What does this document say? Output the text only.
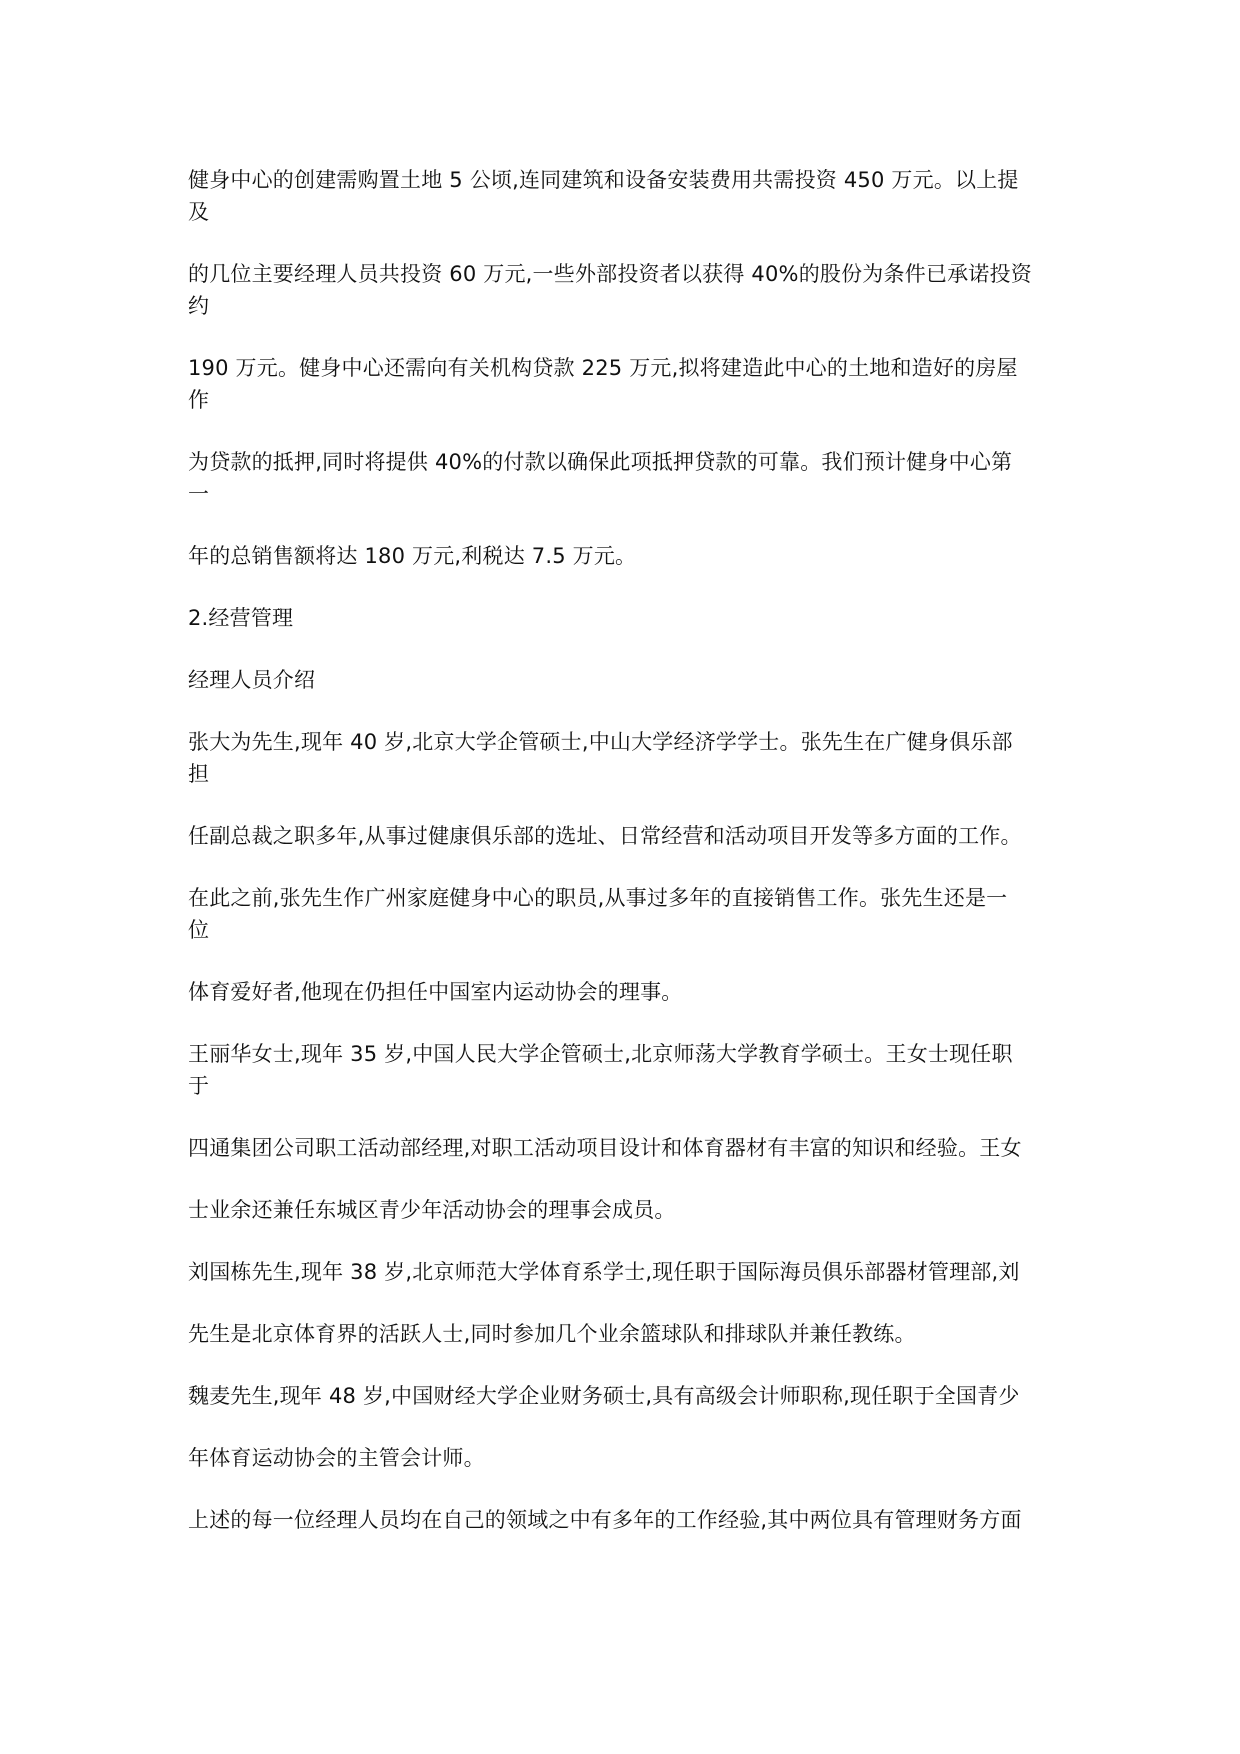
健身中心的创建需购置土地 5 公顷,连同建筑和设备安装费用共需投资 450 万元。以上提
及
的几位主要经理人员共投资 60 万元,一些外部投资者以获得 40%的股份为条件已承诺投资
约
190 万元。健身中心还需向有关机构贷款 225 万元,拟将建造此中心的土地和造好的房屋
作
为贷款的抵押,同时将提供 40%的付款以确保此项抵押贷款的可靠。我们预计健身中心第
一
年的总销售额将达 180 万元,利税达 7.5 万元。
2.经营管理
经理人员介绍
张大为先生,现年 40 岁,北京大学企管硕士,中山大学经济学学士。张先生在广健身俱乐部
担
任副总裁之职多年,从事过健康俱乐部的选址、日常经营和活动项目开发等多方面的工作。
在此之前,张先生作广州家庭健身中心的职员,从事过多年的直接销售工作。张先生还是一
位
体育爱好者,他现在仍担任中国室内运动协会的理事。
王丽华女士,现年 35 岁,中国人民大学企管硕士,北京师荡大学教育学硕士。王女士现任职
于
四通集团公司职工活动部经理,对职工活动项目设计和体育器材有丰富的知识和经验。王女
士业余还兼任东城区青少年活动协会的理事会成员。
刘国栋先生,现年 38 岁,北京师范大学体育系学士,现任职于国际海员俱乐部器材管理部,刘
先生是北京体育界的活跃人士,同时参加几个业余篮球队和排球队并兼任教练。
魏麦先生,现年 48 岁,中国财经大学企业财务硕士,具有高级会计师职称,现任职于全国青少
年体育运动协会的主管会计师。
上述的每一位经理人员均在自己的领域之中有多年的工作经验,其中两位具有管理财务方面
